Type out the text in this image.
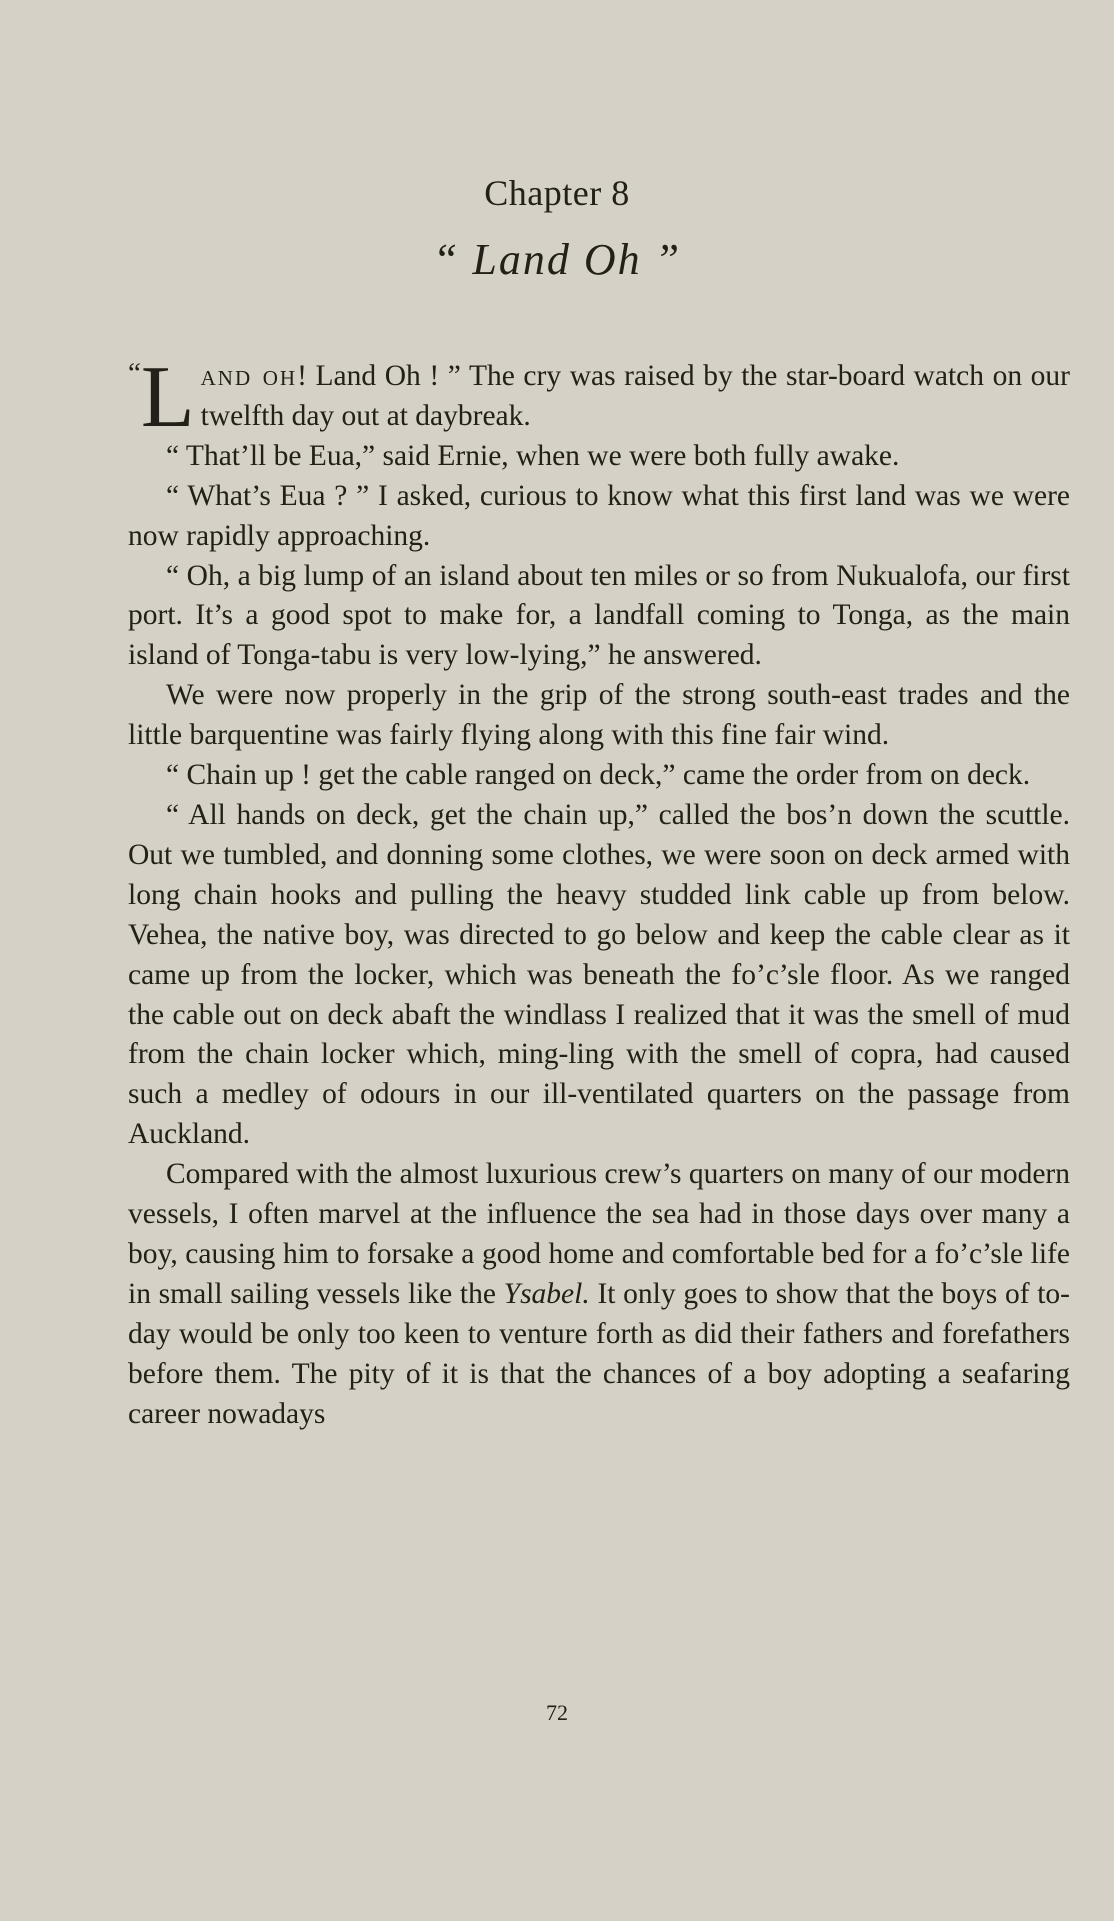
Chapter 8
“ Land Oh ”

“L and oh! Land Oh ! ” The cry was raised by the star-board watch on our twelfth day out at daybreak.

“ That’ll be Eua,” said Ernie, when we were both fully awake.

“ What’s Eua ? ” I asked, curious to know what this first land was we were now rapidly approaching.

“ Oh, a big lump of an island about ten miles or so from Nukualofa, our first port. It’s a good spot to make for, a landfall coming to Tonga, as the main island of Tonga-tabu is very low-lying,” he answered.

We were now properly in the grip of the strong south-east trades and the little barquentine was fairly flying along with this fine fair wind.

“ Chain up ! get the cable ranged on deck,” came the order from on deck.

“ All hands on deck, get the chain up,” called the bos’n down the scuttle. Out we tumbled, and donning some clothes, we were soon on deck armed with long chain hooks and pulling the heavy studded link cable up from below. Vehea, the native boy, was directed to go below and keep the cable clear as it came up from the locker, which was beneath the fo’c’sle floor. As we ranged the cable out on deck abaft the windlass I realized that it was the smell of mud from the chain locker which, ming-ling with the smell of copra, had caused such a medley of odours in our ill-ventilated quarters on the passage from Auckland.

Compared with the almost luxurious crew’s quarters on many of our modern vessels, I often marvel at the influence the sea had in those days over many a boy, causing him to forsake a good home and comfortable bed for a fo’c’sle life in small sailing vessels like the Ysabel. It only goes to show that the boys of to-day would be only too keen to venture forth as did their fathers and forefathers before them. The pity of it is that the chances of a boy adopting a seafaring career nowadays

72
